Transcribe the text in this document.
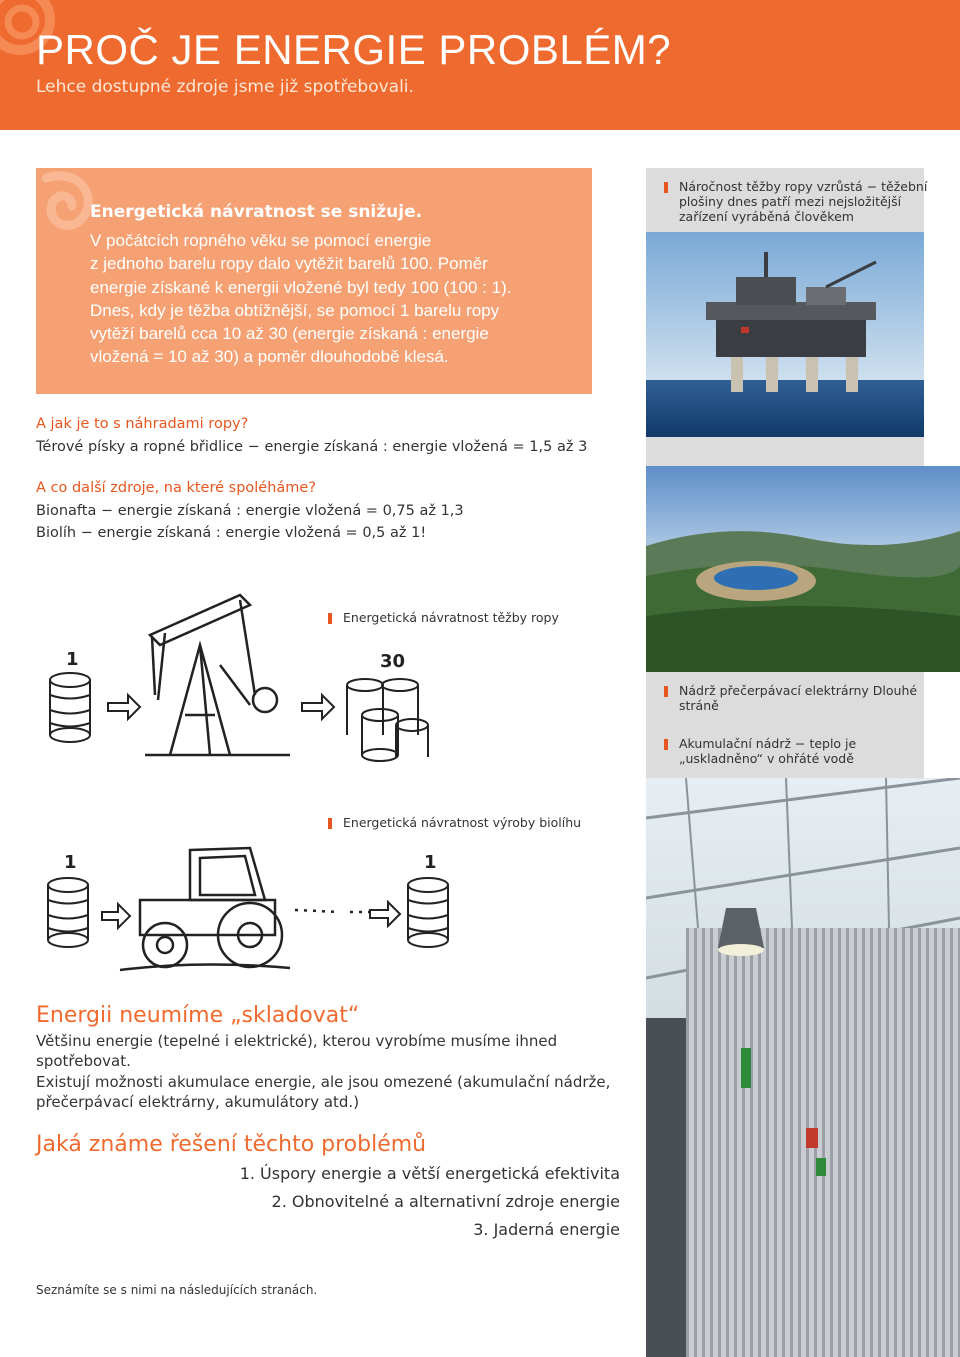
PROČ JE ENERGIE PROBLÉM?
Lehce dostupné zdroje jsme již spotřebovali.
Energetická návratnost se snižuje.
V počátcích ropného věku se pomocí energie
z jednoho barelu ropy dalo vytěžit barelů 100. Poměr
energie získané k energii vložené byl tedy 100 (100 : 1).
Dnes, kdy je těžba obtížnější, se pomocí 1 barelu ropy
vytěží barelů cca 10 až 30 (energie získaná : energie
vložená = 10 až 30) a poměr dlouhodobě klesá.
Náročnost těžby ropy vzrůstá − těžební plošiny dnes patří mezi nejsložitější zařízení vyráběná člověkem
A jak je to s náhradami ropy?
Térové písky a ropné břidlice − energie získaná : energie vložená = 1,5 až 3
A co další zdroje, na které spoléháme?
Bionafta − energie získaná : energie vložená = 0,75 až 1,3
Biolíh − energie získaná : energie vložená = 0,5 až 1!
Energetická návratnost těžby ropy
1	30
Nádrž přečerpávací elektrárny Dlouhé stráně
Akumulační nádrž − teplo je „uskladněno“ v ohřáté vodě
Energetická návratnost výroby biolíhu
1	1
Energii neumíme „skladovat“
Většinu energie (tepelné i elektrické), kterou vyrobíme musíme ihned spotřebovat.
Existují možnosti akumulace energie, ale jsou omezené (akumulační nádrže, přečerpávací elektrárny, akumulátory atd.)
Jaká známe řešení těchto problémů
1. Úspory energie a větší energetická efektivita
2. Obnovitelné a alternativní zdroje energie
3. Jaderná energie
Seznámíte se s nimi na následujících stranách.
